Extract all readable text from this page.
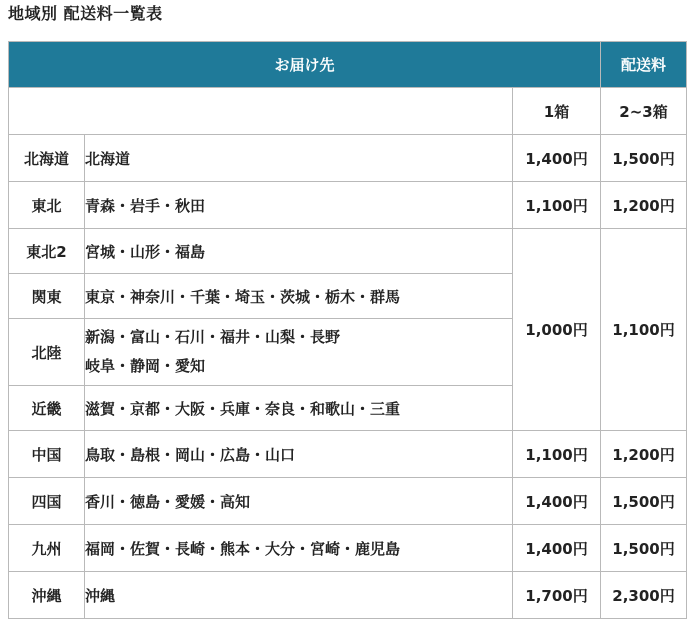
地域別 配送料一覧表
お届け先			配送料
		1箱	2~3箱
北海道	北海道	1,400円	1,500円
東北	青森・岩手・秋田	1,100円	1,200円
東北2	宮城・山形・福島	1,000円	1,100円
関東	東京・神奈川・千葉・埼玉・茨城・栃木・群馬		
北陸	新潟・富山・石川・福井・山梨・長野
岐阜・静岡・愛知		

近畿	滋賀・京都・大阪・兵庫・奈良・和歌山・三重		
中国	鳥取・島根・岡山・広島・山口	1,100円	1,200円
四国	香川・徳島・愛媛・高知	1,400円	1,500円
九州	福岡・佐賀・長崎・熊本・大分・宮崎・鹿児島	1,400円	1,500円
沖縄	沖縄	1,700円	2,300円
